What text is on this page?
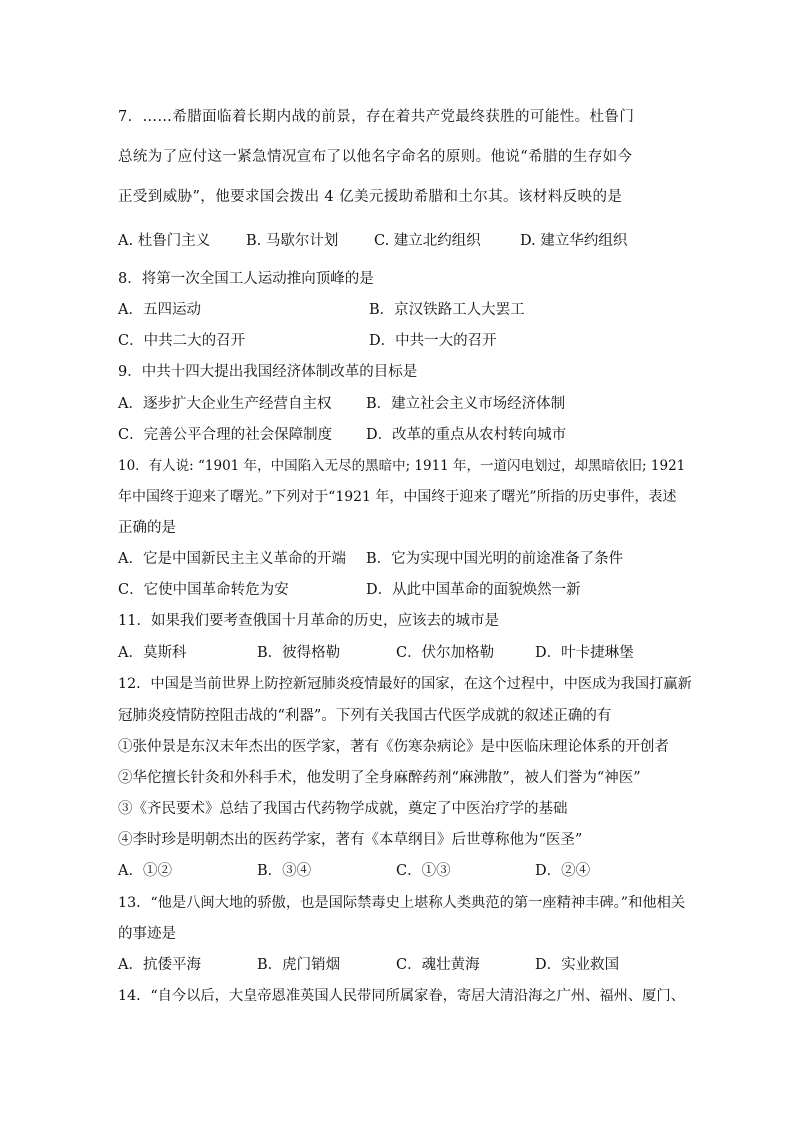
7．……希腊面临着长期内战的前景，存在着共产党最终获胜的可能性。杜鲁门
总统为了应付这一紧急情况宣布了以他名字命名的原则。他说“希腊的生存如今
正受到威胁”，他要求国会拨出 4 亿美元援助希腊和土尔其。该材料反映的是
A. 杜鲁门主义 B. 马歇尔计划 C. 建立北约组织	D. 建立华约组织
8．将第一次全国工人运动推向顶峰的是
A．五四运动	B．京汉铁路工人大罢工
C．中共二大的召开	D．中共一大的召开
9．中共十四大提出我国经济体制改革的目标是
A．逐步扩大企业生产经营自主权 B．建立社会主义市场经济体制
C．完善公平合理的社会保障制度 D．改革的重点从农村转向城市
10．有人说: “1901 年，中国陷入无尽的黑暗中; 1911 年，一道闪电划过，却黑暗依旧; 1921
年中国终于迎来了曙光。”下列对于“1921 年，中国终于迎来了曙光”所指的历史事件，表述
正确的是
A．它是中国新民主主义革命的开端 B．它为实现中国光明的前途准备了条件
C．它使中国革命转危为安	D．从此中国革命的面貌焕然一新
11．如果我们要考查俄国十月革命的历史，应该去的城市是
A．莫斯科	B．彼得格勒	C．伏尔加格勒	D．叶卡捷琳堡
12．中国是当前世界上防控新冠肺炎疫情最好的国家，在这个过程中，中医成为我国打赢新
冠肺炎疫情防控阻击战的“利器”。下列有关我国古代医学成就的叙述正确的有
①张仲景是东汉末年杰出的医学家，著有《伤寒杂病论》是中医临床理论体系的开创者
②华佗擅长针灸和外科手术，他发明了全身麻醉药剂“麻沸散”，被人们誉为“神医”
③《齐民要术》总结了我国古代药物学成就，奠定了中医治疗学的基础
④李时珍是明朝杰出的医药学家，著有《本草纲目》后世尊称他为“医圣”
A．①②	B．③④	C．①③	D．②④
13．“他是八闽大地的骄傲，也是国际禁毒史上堪称人类典范的第一座精神丰碑。”和他相关
的事迹是
A．抗倭平海	B．虎门销烟	C．魂壮黄海	D．实业救国
14．“自今以后，大皇帝恩准英国人民带同所属家眷，寄居大清沿海之广州、福州、厦门、
